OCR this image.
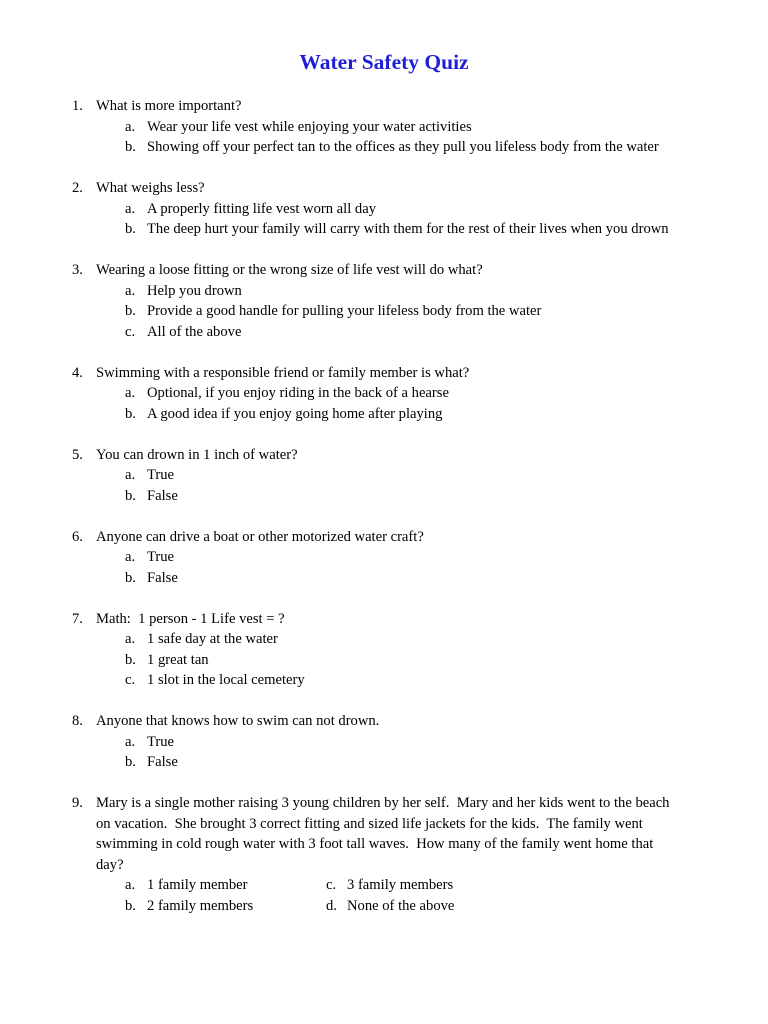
Water Safety Quiz
1. What is more important?
a. Wear your life vest while enjoying your water activities
b. Showing off your perfect tan to the offices as they pull you lifeless body from the water
2. What weighs less?
a. A properly fitting life vest worn all day
b. The deep hurt your family will carry with them for the rest of their lives when you drown
3. Wearing a loose fitting or the wrong size of life vest will do what?
a. Help you drown
b. Provide a good handle for pulling your lifeless body from the water
c. All of the above
4. Swimming with a responsible friend or family member is what?
a. Optional, if you enjoy riding in the back of a hearse
b. A good idea if you enjoy going home after playing
5. You can drown in 1 inch of water?
a. True
b. False
6. Anyone can drive a boat or other motorized water craft?
a. True
b. False
7. Math:  1 person - 1 Life vest = ?
a. 1 safe day at the water
b. 1 great tan
c. 1 slot in the local cemetery
8. Anyone that knows how to swim can not drown.
a. True
b. False
9. Mary is a single mother raising 3 young children by her self.  Mary and her kids went to the beach
on vacation.  She brought 3 correct fitting and sized life jackets for the kids.  The family went
swimming in cold rough water with 3 foot tall waves.  How many of the family went home that
day?
a. 1 family member	c. 3 family members
b. 2 family members	d. None of the above
